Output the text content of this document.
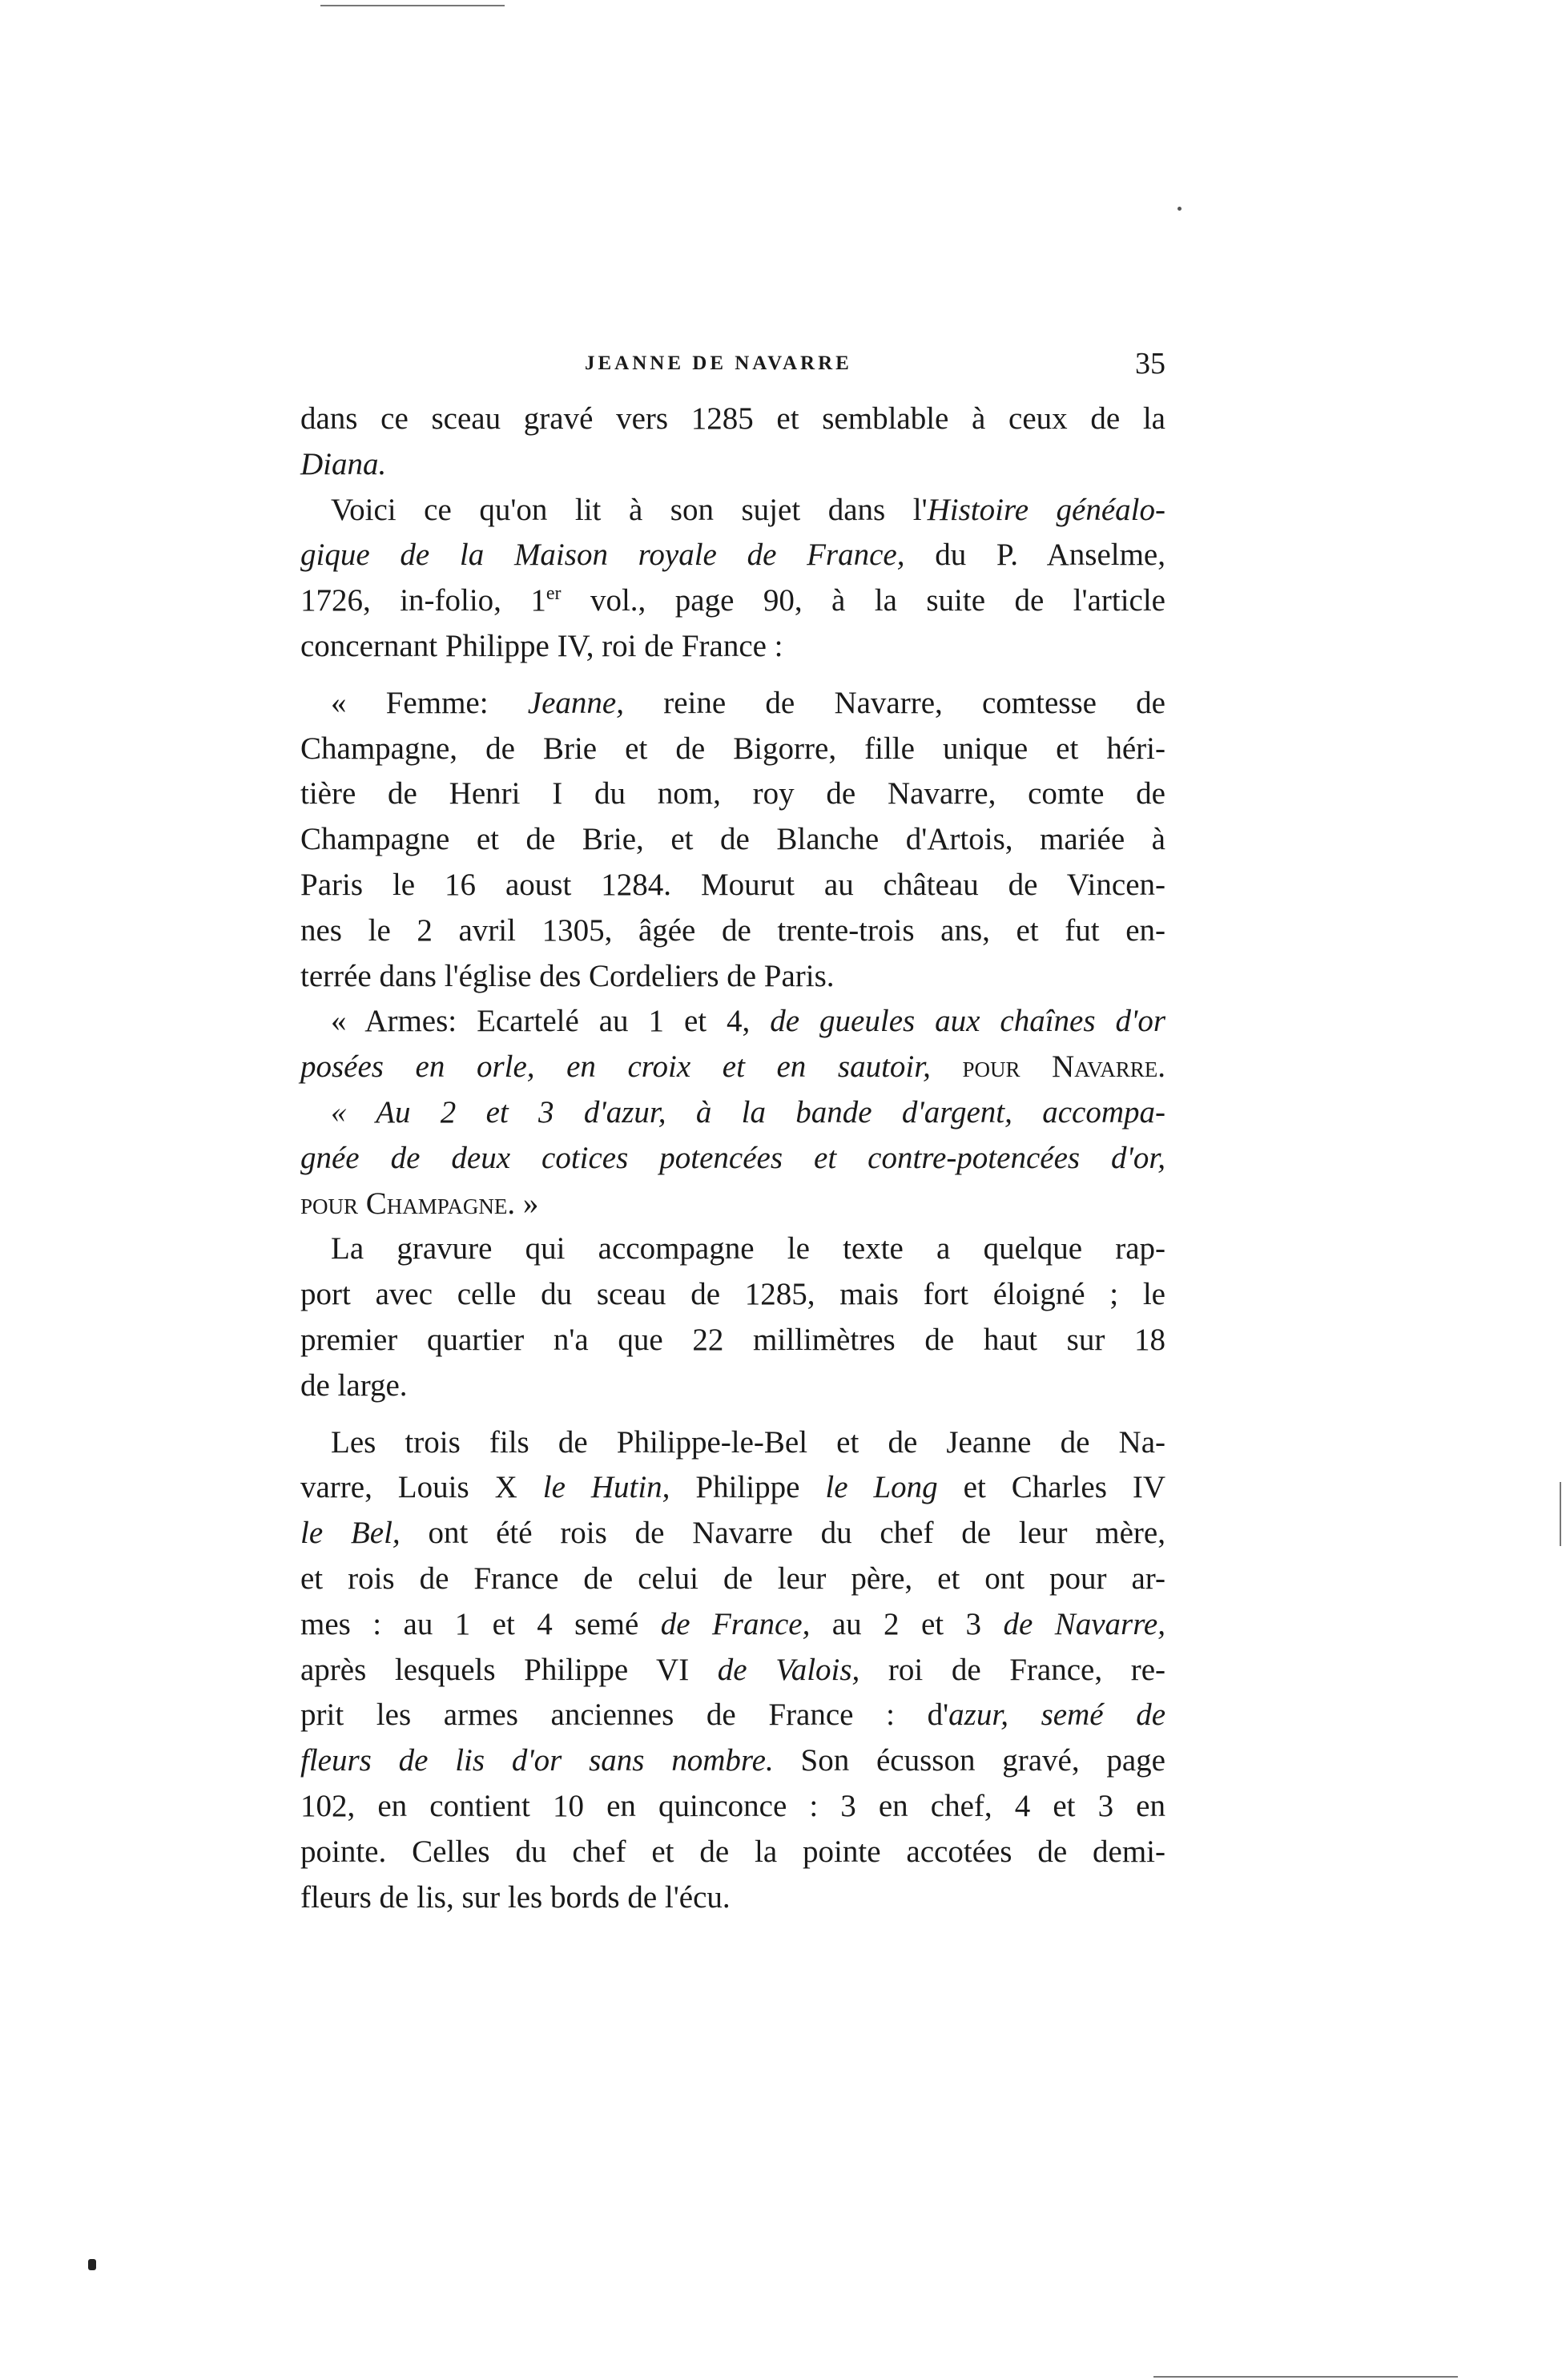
JEANNE DE NAVARRE	35
dans ce sceau gravé vers 1285 et semblable à ceux de la
Diana.
Voici ce qu'on lit à son sujet dans l'Histoire généalo-
gique de la Maison royale de France, du P. Anselme,
1726, in-folio, 1er vol., page 90, à la suite de l'article
concernant Philippe IV, roi de France :
« Femme: Jeanne, reine de Navarre, comtesse de
Champagne, de Brie et de Bigorre, fille unique et héri-
tière de Henri I du nom, roy de Navarre, comte de
Champagne et de Brie, et de Blanche d'Artois, mariée à
Paris le 16 aoust 1284. Mourut au château de Vincen-
nes le 2 avril 1305, âgée de trente-trois ans, et fut en-
terrée dans l'église des Cordeliers de Paris.
« Armes: Ecartelé au 1 et 4, de gueules aux chaînes d'or
posées en orle, en croix et en sautoir, pour Navarre.
« Au 2 et 3 d'azur, à la bande d'argent, accompa-
gnée de deux cotices potencées et contre-potencées d'or,
pour Champagne. »
La gravure qui accompagne le texte a quelque rap-
port avec celle du sceau de 1285, mais fort éloigné ; le
premier quartier n'a que 22 millimètres de haut sur 18
de large.
Les trois fils de Philippe-le-Bel et de Jeanne de Na-
varre, Louis X le Hutin, Philippe le Long et Charles IV
le Bel, ont été rois de Navarre du chef de leur mère,
et rois de France de celui de leur père, et ont pour ar-
mes : au 1 et 4 semé de France, au 2 et 3 de Navarre,
après lesquels Philippe VI de Valois, roi de France, re-
prit les armes anciennes de France : d'azur, semé de
fleurs de lis d'or sans nombre. Son écusson gravé, page
102, en contient 10 en quinconce : 3 en chef, 4 et 3 en
pointe. Celles du chef et de la pointe accotées de demi-
fleurs de lis, sur les bords de l'écu.
